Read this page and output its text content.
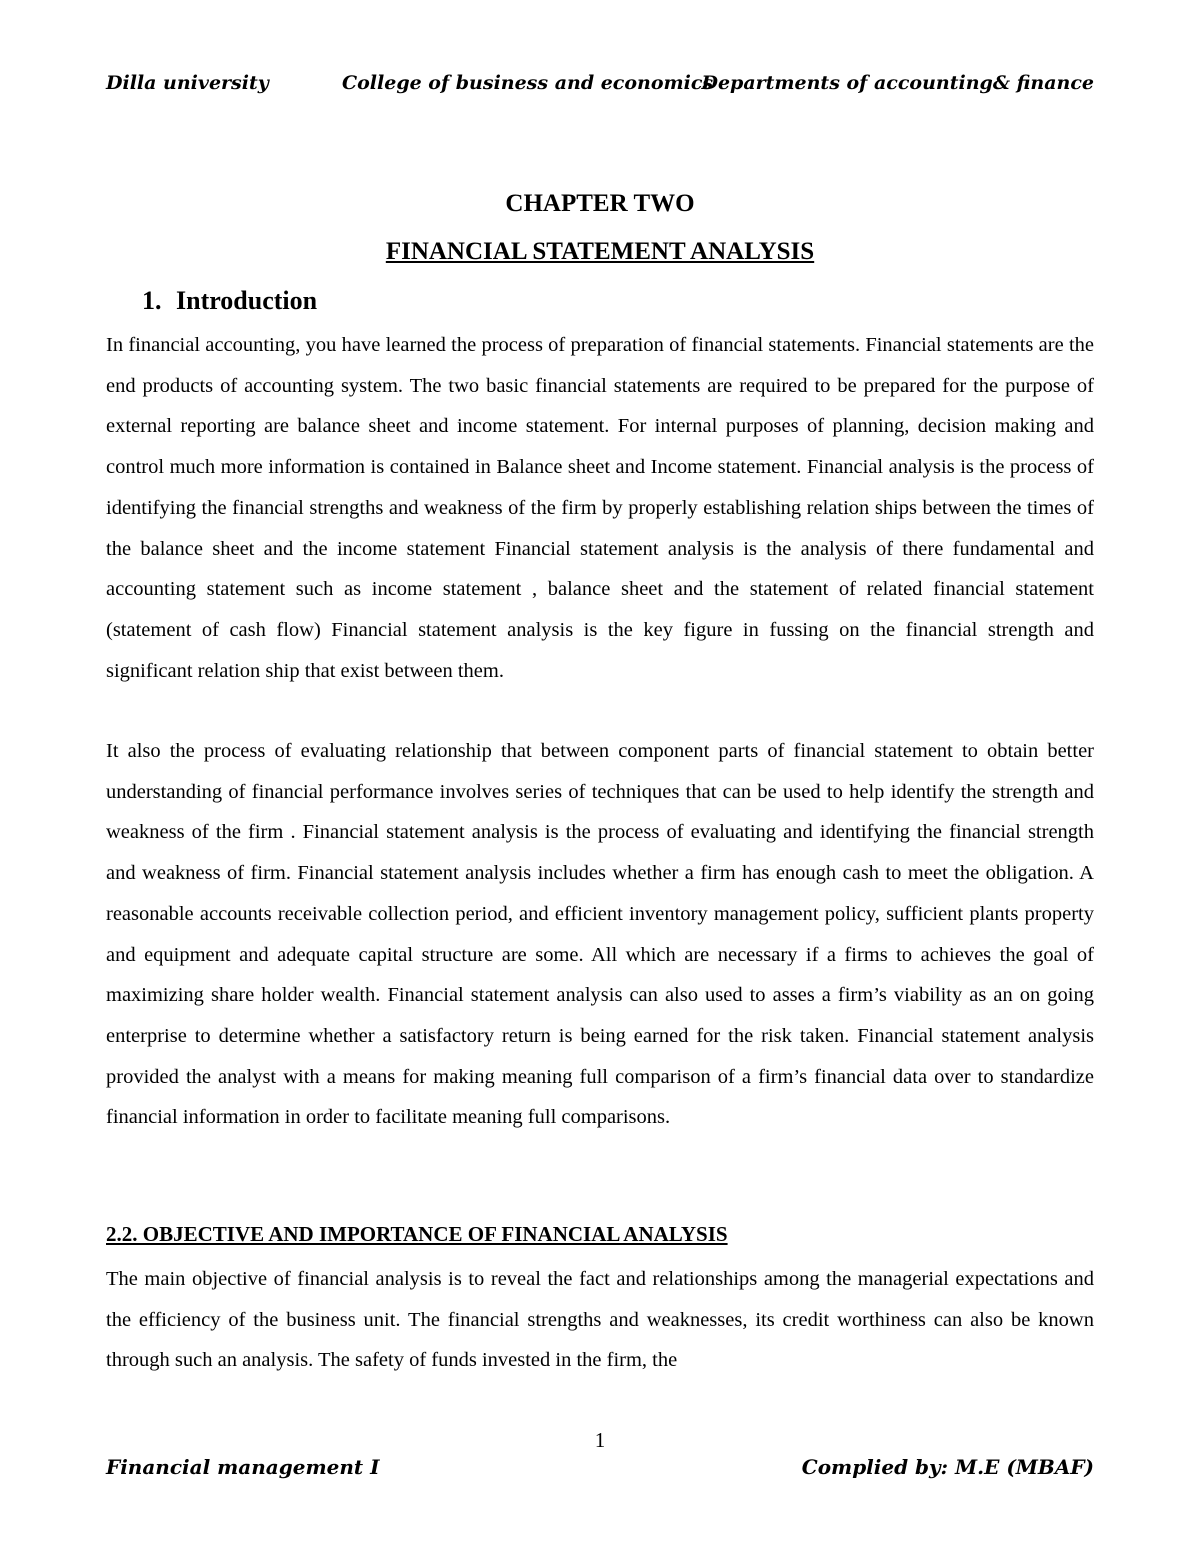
Dilla university	College of business and economics
Departments of accounting& finance
CHAPTER TWO
FINANCIAL STATEMENT ANALYSIS
1. Introduction

In financial accounting, you have learned the process of preparation of financial statements. Financial statements are the end products of accounting system. The two basic financial statements are required to be prepared for the purpose of external reporting are balance sheet and income statement. For internal purposes of planning, decision making and control much more information is contained in Balance sheet and Income statement. Financial analysis is the process of identifying the financial strengths and weakness of the firm by properly establishing relation ships between the times of the balance sheet and the income statement Financial statement analysis is the analysis of there fundamental and accounting statement such as income statement , balance sheet and the statement of related financial statement (statement of cash flow) Financial statement analysis is the key figure in fussing on the financial strength and significant relation ship that exist between them.

It also the process of evaluating relationship that between component parts of financial statement to obtain better understanding of financial performance involves series of techniques that can be used to help identify the strength and weakness of the firm . Financial statement analysis is the process of evaluating and identifying the financial strength and weakness of firm. Financial statement analysis includes whether a firm has enough cash to meet the obligation. A reasonable accounts receivable collection period, and efficient inventory management policy, sufficient plants property and equipment and adequate capital structure are some. All which are necessary if a firms to achieves the goal of maximizing share holder wealth. Financial statement analysis can also used to asses a firm’s viability as an on going enterprise to determine whether a satisfactory return is being earned for the risk taken. Financial statement analysis provided the analyst with a means for making meaning full comparison of a firm’s financial data over to standardize financial information in order to facilitate meaning full comparisons.

2.2. OBJECTIVE AND IMPORTANCE OF FINANCIAL ANALYSIS

The main objective of financial analysis is to reveal the fact and relationships among the managerial expectations and the efficiency of the business unit. The financial strengths and weaknesses, its credit worthiness can also be known through such an analysis. The safety of funds invested in the firm, the

1
Financial management I	Complied by: M.E (MBAF)
